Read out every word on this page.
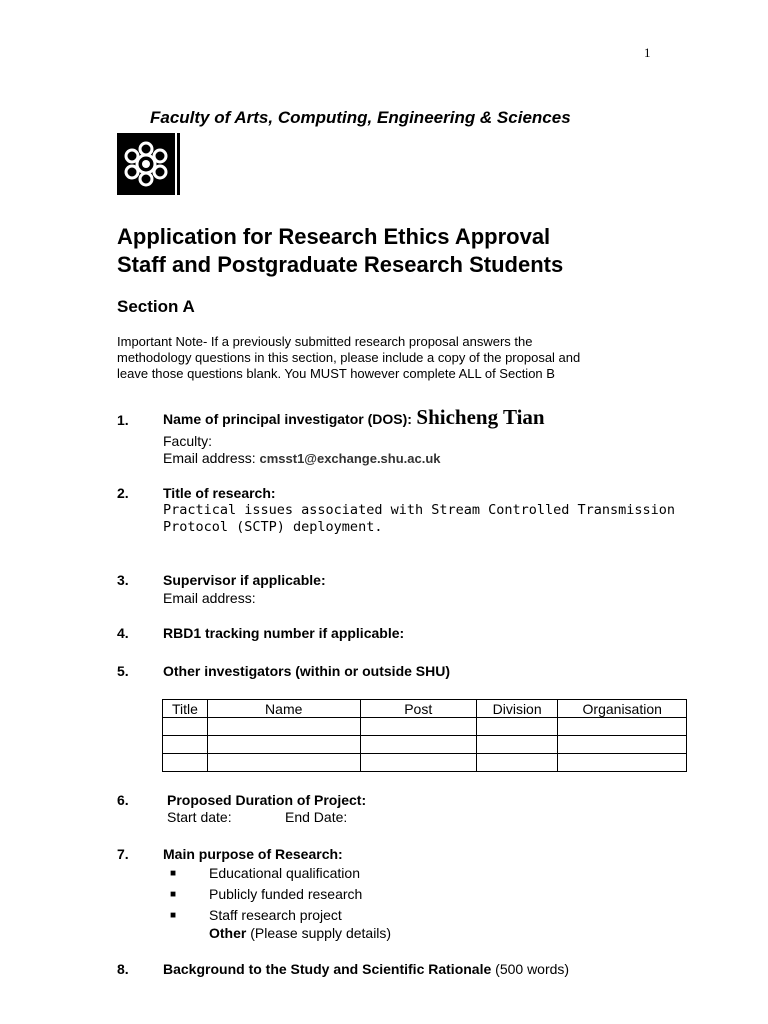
1
Faculty of Arts, Computing, Engineering & Sciences
Application for Research Ethics Approval
Staff and Postgraduate Research Students
Section A
Important Note- If a previously submitted research proposal answers the
methodology questions in this section, please include a copy of the proposal and
leave those questions blank. You MUST however complete ALL of Section B
1. Name of principal investigator (DOS): Shicheng Tian
Faculty:
Email address: cmsst1@exchange.shu.ac.uk
2. Title of research:
Practical issues associated with Stream Controlled Transmission
Protocol (SCTP) deployment.
3. Supervisor if applicable:
Email address:
4. RBD1 tracking number if applicable:
5. Other investigators (within or outside SHU)
Title	Name	Post	Division	Organisation

6.	Proposed Duration of Project:
Start date:	End Date:
7. Main purpose of Research:
■ Educational qualification
■ Publicly funded research
■ Staff research project
Other (Please supply details)
8. Background to the Study and Scientific Rationale (500 words)
